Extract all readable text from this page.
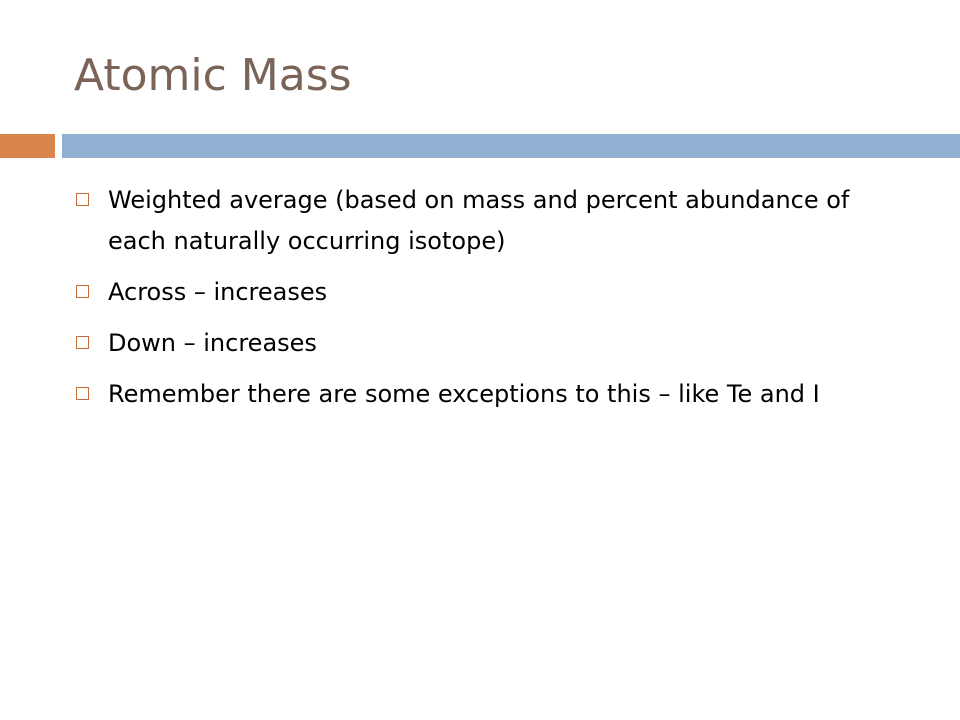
Atomic Mass
Weighted average (based on mass and percent abundance of each naturally occurring isotope)
Across – increases
Down – increases
Remember there are some exceptions to this – like Te and I
